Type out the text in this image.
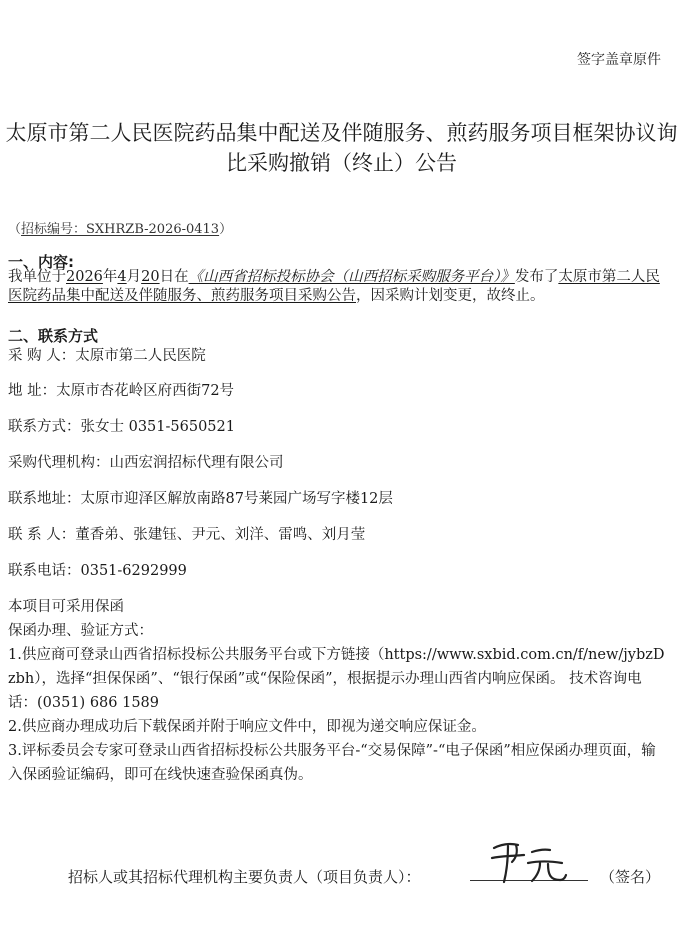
签字盖章原件
太原市第二人民医院药品集中配送及伴随服务、煎药服务项目框架协议询比采购撤销（终止）公告
（招标编号：SXHRZB-2026-0413）
一、内容:

我单位于2026年4月20日在《山西省招标投标协会（山西招标采购服务平台）》发布了太原市第二人民医院药品集中配送及伴随服务、煎药服务项目采购公告，因采购计划变更，故终止。

二、联系方式
采 购 人：太原市第二人民医院
地 址：太原市杏花岭区府西街72号
联系方式：张女士 0351-5650521
采购代理机构：山西宏润招标代理有限公司
联系地址：太原市迎泽区解放南路87号莱园广场写字楼12层
联 系 人：董香弟、张建钰、尹元、刘洋、雷鸣、刘月莹
联系电话：0351-6292999

本项目可采用保函

保函办理、验证方式：

1.供应商可登录山西省招标投标公共服务平台或下方链接（https://www.sxbid.com.cn/f/new/jybzDzbh），选择“担保保函”、“银行保函”或“保险保函”，根据提示办理山西省内响应保函。 技术咨询电话：(0351) 686 1589

2.供应商办理成功后下载保函并附于响应文件中，即视为递交响应保证金。

3.评标委员会专家可登录山西省招标投标公共服务平台-“交易保障”-“电子保函”相应保函办理页面，输入保函验证编码，即可在线快速查验保函真伪。

招标人或其招标代理机构主要负责人（项目负责人）：	（签名）
